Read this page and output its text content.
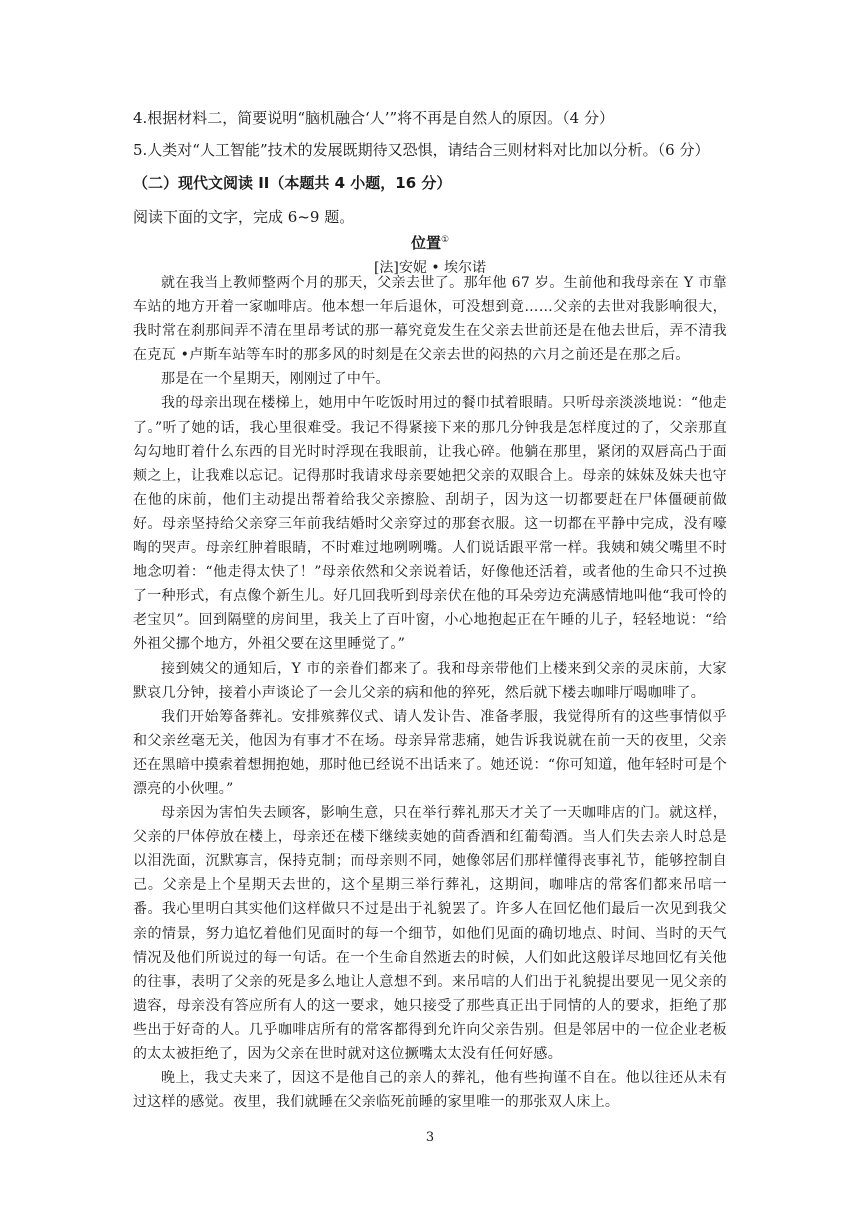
4.根据材料二，简要说明“脑机融合‘人’”将不再是自然人的原因。（4 分）
5.人类对“人工智能”技术的发展既期待又恐惧，请结合三则材料对比加以分析。（6 分）
（二）现代文阅读 II（本题共 4 小题，16 分）
阅读下面的文字，完成 6~9 题。
位置①
[法]安妮 • 埃尔诺

就在我当上教师整两个月的那天，父亲去世了。那年他 67 岁。生前他和我母亲在 Y 市靠车站的地方开着一家咖啡店。他本想一年后退休，可没想到竟……父亲的去世对我影响很大，我时常在刹那间弄不清在里昂考试的那一幕究竟发生在父亲去世前还是在他去世后，弄不清我在克瓦 •卢斯车站等车时的那多风的时刻是在父亲去世的闷热的六月之前还是在那之后。

那是在一个星期天，刚刚过了中午。

我的母亲出现在楼梯上，她用中午吃饭时用过的餐巾拭着眼睛。只听母亲淡淡地说：“他走了。”听了她的话，我心里很难受。我记不得紧接下来的那几分钟我是怎样度过的了，父亲那直勾勾地盯着什么东西的目光时时浮现在我眼前，让我心碎。他躺在那里，紧闭的双唇高凸于面颊之上，让我难以忘记。记得那时我请求母亲要她把父亲的双眼合上。母亲的妹妹及妹夫也守在他的床前，他们主动提出帮着给我父亲擦脸、刮胡子，因为这一切都要赶在尸体僵硬前做好。母亲坚持给父亲穿三年前我结婚时父亲穿过的那套衣服。这一切都在平静中完成，没有嚎啕的哭声。母亲红肿着眼睛，不时难过地咧咧嘴。人们说话跟平常一样。我姨和姨父嘴里不时地念叨着：“他走得太快了！”母亲依然和父亲说着话，好像他还活着，或者他的生命只不过换了一种形式，有点像个新生儿。好几回我听到母亲伏在他的耳朵旁边充满感情地叫他“我可怜的老宝贝”。回到隔壁的房间里，我关上了百叶窗，小心地抱起正在午睡的儿子，轻轻地说：“给外祖父挪个地方，外祖父要在这里睡觉了。”

接到姨父的通知后，Y 市的亲眷们都来了。我和母亲带他们上楼来到父亲的灵床前，大家默哀几分钟，接着小声谈论了一会儿父亲的病和他的猝死，然后就下楼去咖啡厅喝咖啡了。

我们开始筹备葬礼。安排殡葬仪式、请人发讣告、准备孝服，我觉得所有的这些事情似乎和父亲丝毫无关，他因为有事才不在场。母亲异常悲痛，她告诉我说就在前一天的夜里，父亲还在黑暗中摸索着想拥抱她，那时他已经说不出话来了。她还说：“你可知道，他年轻时可是个漂亮的小伙哩。”

母亲因为害怕失去顾客，影响生意，只在举行葬礼那天才关了一天咖啡店的门。就这样，父亲的尸体停放在楼上，母亲还在楼下继续卖她的茴香酒和红葡萄酒。当人们失去亲人时总是以泪洗面，沉默寡言，保持克制；而母亲则不同，她像邻居们那样懂得丧事礼节，能够控制自己。父亲是上个星期天去世的，这个星期三举行葬礼，这期间，咖啡店的常客们都来吊唁一番。我心里明白其实他们这样做只不过是出于礼貌罢了。许多人在回忆他们最后一次见到我父亲的情景，努力追忆着他们见面时的每一个细节，如他们见面的确切地点、时间、当时的天气情况及他们所说过的每一句话。在一个生命自然逝去的时候，人们如此这般详尽地回忆有关他的往事，表明了父亲的死是多么地让人意想不到。来吊唁的人们出于礼貌提出要见一见父亲的遗容，母亲没有答应所有人的这一要求，她只接受了那些真正出于同情的人的要求，拒绝了那些出于好奇的人。几乎咖啡店所有的常客都得到允许向父亲告别。但是邻居中的一位企业老板的太太被拒绝了，因为父亲在世时就对这位撅嘴太太没有任何好感。

晚上，我丈夫来了，因这不是他自己的亲人的葬礼，他有些拘谨不自在。他以往还从未有过这样的感觉。夜里，我们就睡在父亲临死前睡的家里唯一的那张双人床上。

3
